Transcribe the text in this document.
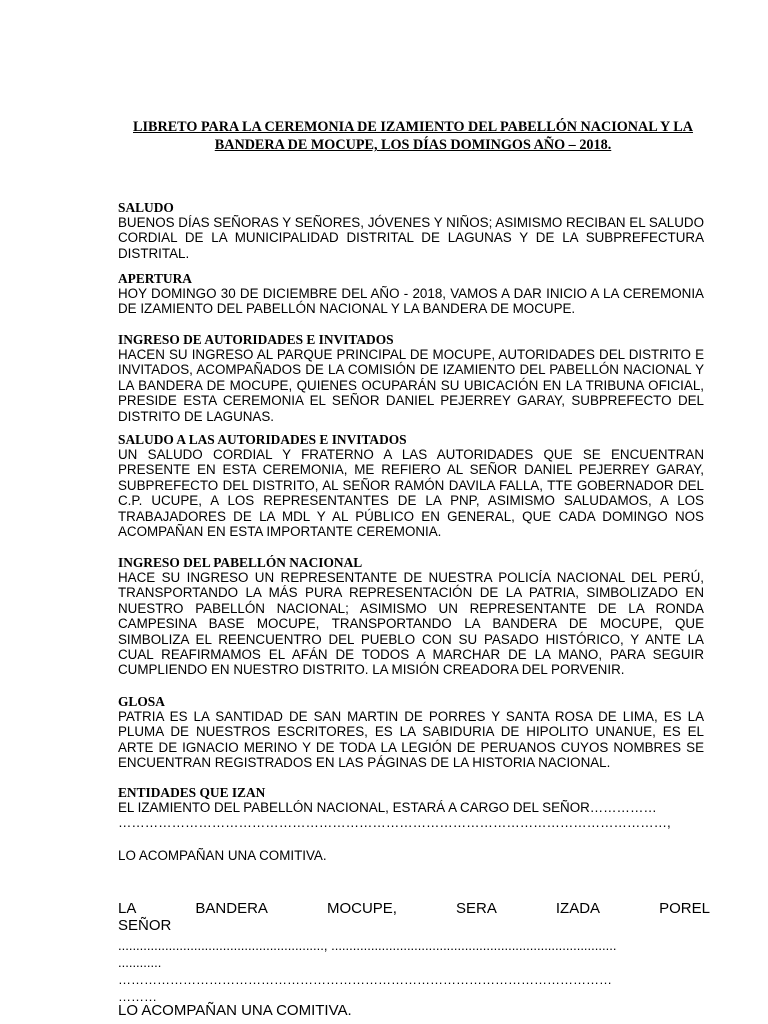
LIBRETO PARA LA CEREMONIA DE IZAMIENTO DEL PABELLÓN NACIONAL Y LA BANDERA DE MOCUPE, LOS DÍAS DOMINGOS AÑO – 2018.

SALUDO

BUENOS DÍAS SEÑORAS Y SEÑORES, JÓVENES Y NIÑOS; ASIMISMO RECIBAN EL SALUDO CORDIAL DE LA MUNICIPALIDAD DISTRITAL DE LAGUNAS Y DE LA SUBPREFECTURA DISTRITAL.

APERTURA

HOY DOMINGO 30 DE DICIEMBRE DEL AÑO - 2018, VAMOS A DAR INICIO A LA CEREMONIA DE IZAMIENTO DEL PABELLÓN NACIONAL Y LA BANDERA DE MOCUPE.

INGRESO DE AUTORIDADES E INVITADOS

HACEN SU INGRESO AL PARQUE PRINCIPAL DE MOCUPE, AUTORIDADES DEL DISTRITO E INVITADOS, ACOMPAÑADOS DE LA COMISIÓN DE IZAMIENTO DEL PABELLÓN NACIONAL Y LA BANDERA DE MOCUPE, QUIENES OCUPARÁN SU UBICACIÓN EN LA TRIBUNA OFICIAL, PRESIDE ESTA CEREMONIA EL SEÑOR DANIEL PEJERREY GARAY, SUBPREFECTO DEL DISTRITO DE LAGUNAS.

SALUDO A LAS AUTORIDADES E INVITADOS

UN SALUDO CORDIAL Y FRATERNO A LAS AUTORIDADES QUE SE ENCUENTRAN PRESENTE EN ESTA CEREMONIA, ME REFIERO AL SEÑOR DANIEL PEJERREY GARAY, SUBPREFECTO DEL DISTRITO, AL SEÑOR RAMÓN DAVILA FALLA, TTE GOBERNADOR DEL C.P. UCUPE, A LOS REPRESENTANTES DE LA PNP, ASIMISMO SALUDAMOS, A LOS TRABAJADORES DE LA MDL Y AL PÚBLICO EN GENERAL, QUE CADA DOMINGO NOS ACOMPAÑAN EN ESTA IMPORTANTE CEREMONIA.

INGRESO DEL PABELLÓN NACIONAL

HACE SU INGRESO UN REPRESENTANTE DE NUESTRA POLICÍA NACIONAL DEL PERÚ, TRANSPORTANDO LA MÁS PURA REPRESENTACIÓN DE LA PATRIA, SIMBOLIZADO EN NUESTRO PABELLÓN NACIONAL; ASIMISMO UN REPRESENTANTE DE LA RONDA CAMPESINA BASE MOCUPE, TRANSPORTANDO LA BANDERA DE MOCUPE, QUE SIMBOLIZA EL REENCUENTRO DEL PUEBLO CON SU PASADO HISTÓRICO, Y ANTE LA CUAL REAFIRMAMOS EL AFÁN DE TODOS A MARCHAR DE LA MANO, PARA SEGUIR CUMPLIENDO EN NUESTRO DISTRITO. LA MISIÓN CREADORA DEL PORVENIR.

GLOSA

PATRIA ES LA SANTIDAD DE SAN MARTIN DE PORRES Y SANTA ROSA DE LIMA, ES LA PLUMA DE NUESTROS ESCRITORES, ES LA SABIDURIA DE HIPOLITO UNANUE, ES EL ARTE DE IGNACIO MERINO Y DE TODA LA LEGIÓN DE PERUANOS CUYOS NOMBRES SE ENCUENTRAN REGISTRADOS EN LAS PÁGINAS DE LA HISTORIA NACIONAL.

ENTIDADES QUE IZAN

EL IZAMIENTO DEL PABELLÓN NACIONAL, ESTARÁ A CARGO DEL SEÑOR……………

……………………………………………………………………………………………………………,

LO ACOMPAÑAN UNA COMITIVA.

LA	BANDERA	MOCUPE,	SERA	IZADA	POREL
SEÑOR
........................................................., ...............................................................................
............
……………………………………………………………………………………………………
………

LO ACOMPAÑAN UNA COMITIVA.
